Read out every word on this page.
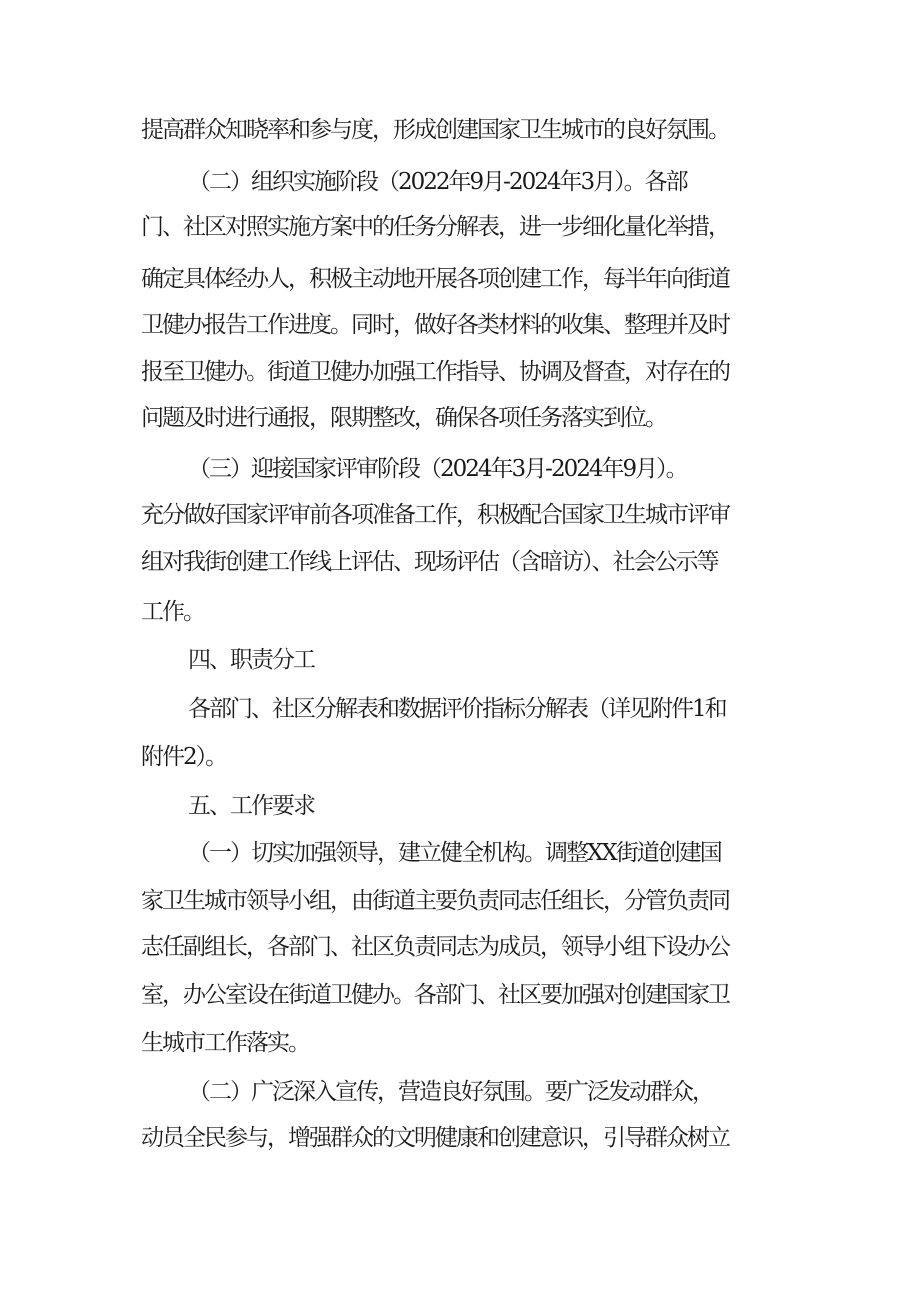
提高群众知晓率和参与度，形成创建国家卫生城市的良好氛围。

（二）组织实施阶段（2022年9月-2024年3月）。各部

门、社区对照实施方案中的任务分解表，进一步细化量化举措，

确定具体经办人，积极主动地开展各项创建工作，每半年向街道

卫健办报告工作进度。同时，做好各类材料的收集、整理并及时

报至卫健办。街道卫健办加强工作指导、协调及督查，对存在的

问题及时进行通报，限期整改，确保各项任务落实到位。

（三）迎接国家评审阶段（2024年3月-2024年9月）。

充分做好国家评审前各项准备工作，积极配合国家卫生城市评审

组对我街创建工作线上评估、现场评估（含暗访）、社会公示等

工作。

四、职责分工

各部门、社区分解表和数据评价指标分解表（详见附件1和

附件2）。

五、工作要求

（一）切实加强领导，建立健全机构。调整XX街道创建国

家卫生城市领导小组，由街道主要负责同志任组长，分管负责同

志任副组长，各部门、社区负责同志为成员，领导小组下设办公

室，办公室设在街道卫健办。各部门、社区要加强对创建国家卫

生城市工作落实。

（二）广泛深入宣传，营造良好氛围。要广泛发动群众，

动员全民参与，增强群众的文明健康和创建意识，引导群众树立
